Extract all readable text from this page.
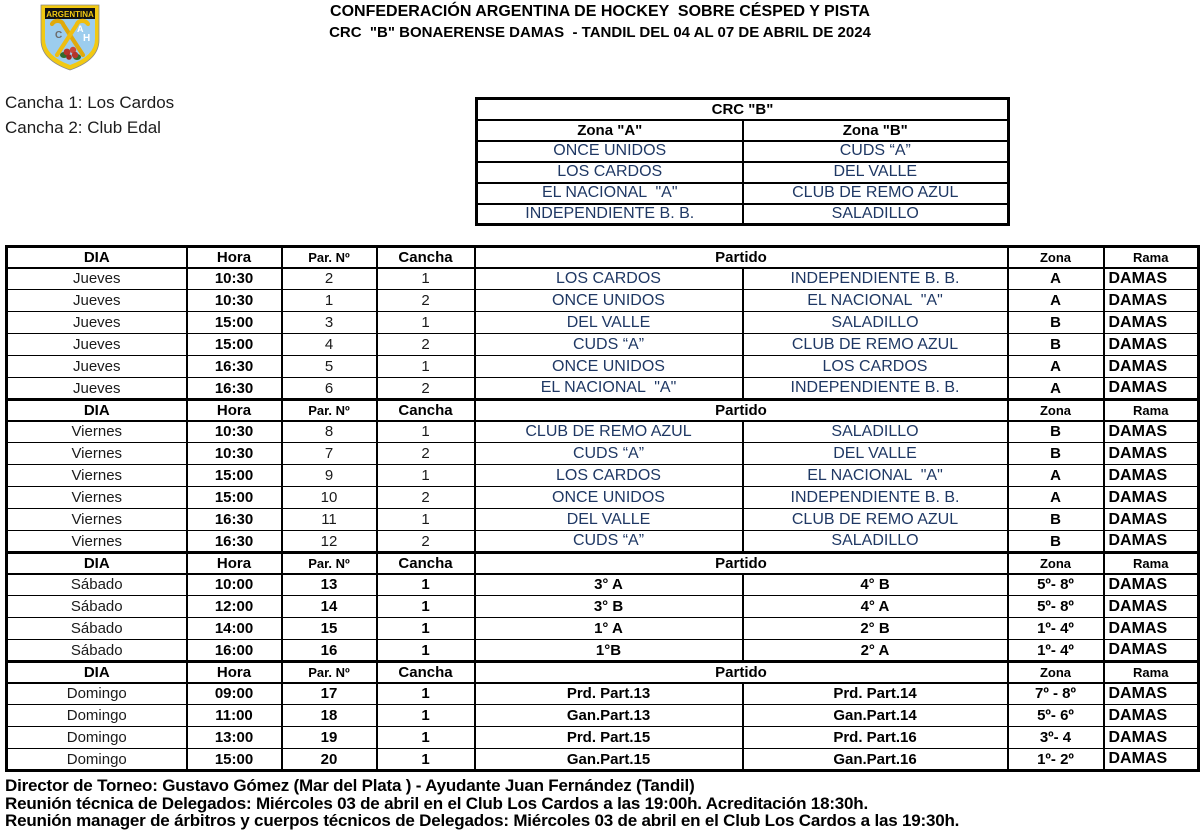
ARGENTINA
C
A
H
CONFEDERACIÓN ARGENTINA DE HOCKEY  SOBRE CÉSPED Y PISTA
CRC  "B" BONAERENSE DAMAS  - TANDIL DEL 04 AL 07 DE ABRIL DE 2024
Cancha 1: Los Cardos
Cancha 2: Club Edal
CRC "B"	
Zona "A"	Zona "B"
ONCE UNIDOS	CUDS “A”
LOS CARDOS	DEL VALLE
EL NACIONAL  "A"	CLUB DE REMO AZUL
INDEPENDIENTE B. B.	SALADILLO
DIA	Hora	Par. Nº	Cancha	Partido		Zona	Rama
Jueves	10:30	2	1	LOS CARDOS	INDEPENDIENTE B. B.	A	DAMAS
Jueves	10:30	1	2	ONCE UNIDOS	EL NACIONAL  "A"	A	DAMAS
Jueves	15:00	3	1	DEL VALLE	SALADILLO	B	DAMAS
Jueves	15:00	4	2	CUDS “A”	CLUB DE REMO AZUL	B	DAMAS
Jueves	16:30	5	1	ONCE UNIDOS	LOS CARDOS	A	DAMAS
Jueves	16:30	6	2	EL NACIONAL  "A"	INDEPENDIENTE B. B.	A	DAMAS
DIA	Hora	Par. Nº	Cancha	Partido		Zona	Rama
Viernes	10:30	8	1	CLUB DE REMO AZUL	SALADILLO	B	DAMAS
Viernes	10:30	7	2	CUDS “A”	DEL VALLE	B	DAMAS
Viernes	15:00	9	1	LOS CARDOS	EL NACIONAL  "A"	A	DAMAS
Viernes	15:00	10	2	ONCE UNIDOS	INDEPENDIENTE B. B.	A	DAMAS
Viernes	16:30	11	1	DEL VALLE	CLUB DE REMO AZUL	B	DAMAS
Viernes	16:30	12	2	CUDS “A”	SALADILLO	B	DAMAS
DIA	Hora	Par. Nº	Cancha	Partido		Zona	Rama
Sábado	10:00	13	1	3° A	4° B	5º- 8º	DAMAS
Sábado	12:00	14	1	3° B	4° A	5º- 8º	DAMAS
Sábado	14:00	15	1	1° A	2° B	1º- 4º	DAMAS
Sábado	16:00	16	1	1°B	2° A	1º- 4º	DAMAS
DIA	Hora	Par. Nº	Cancha	Partido		Zona	Rama
Domingo	09:00	17	1	Prd. Part.13	Prd. Part.14	7º - 8º	DAMAS
Domingo	11:00	18	1	Gan.Part.13	Gan.Part.14	5º- 6º	DAMAS
Domingo	13:00	19	1	Prd. Part.15	Prd. Part.16	3º- 4	DAMAS
Domingo	15:00	20	1	Gan.Part.15	Gan.Part.16	1º- 2º	DAMAS
Director de Torneo: Gustavo Gómez (Mar del Plata ) - Ayudante Juan Fernández (Tandil)
Reunión técnica de Delegados: Miércoles 03 de abril en el Club Los Cardos a las 19:00h. Acreditación 18:30h.
Reunión manager de árbitros y cuerpos técnicos de Delegados: Miércoles 03 de abril en el Club Los Cardos a las 19:30h.
